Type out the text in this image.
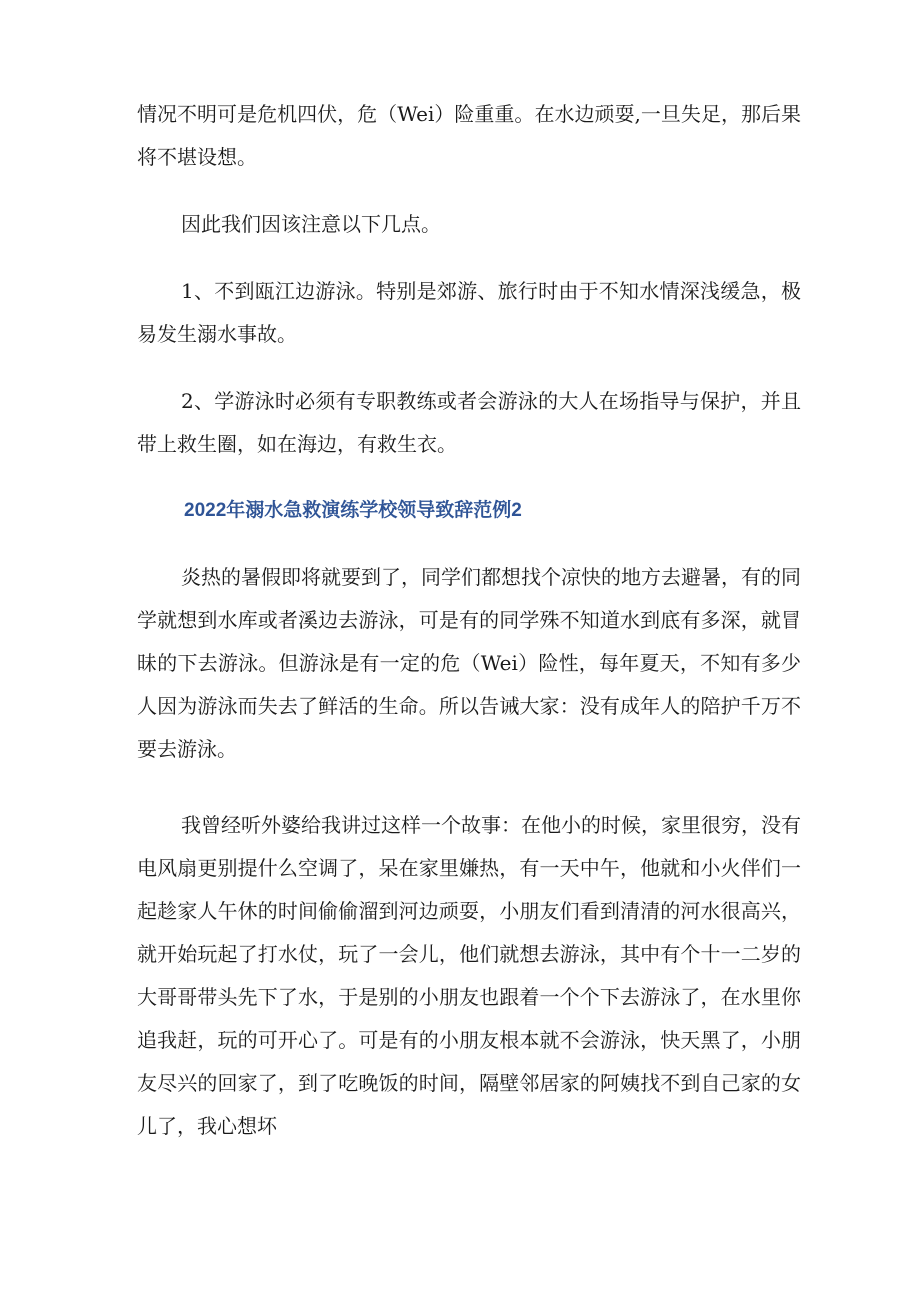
情况不明可是危机四伏，危（Wei）险重重。在水边顽耍,一旦失足，那后果将不堪设想。

因此我们因该注意以下几点。

1、不到瓯江边游泳。特别是郊游、旅行时由于不知水情深浅缓急，极易发生溺水事故。

2、学游泳时必须有专职教练或者会游泳的大人在场指导与保护，并且带上救生圈，如在海边，有救生衣。

2022年溺水急救演练学校领导致辞范例2

炎热的暑假即将就要到了，同学们都想找个凉快的地方去避暑，有的同学就想到水库或者溪边去游泳，可是有的同学殊不知道水到底有多深，就冒昧的下去游泳。但游泳是有一定的危（Wei）险性，每年夏天，不知有多少人因为游泳而失去了鲜活的生命。所以告诫大家：没有成年人的陪护千万不要去游泳。

我曾经听外婆给我讲过这样一个故事：在他小的时候，家里很穷，没有电风扇更别提什么空调了，呆在家里嫌热，有一天中午，他就和小火伴们一起趁家人午休的时间偷偷溜到河边顽耍，小朋友们看到清清的河水很高兴，就开始玩起了打水仗，玩了一会儿，他们就想去游泳，其中有个十一二岁的大哥哥带头先下了水，于是别的小朋友也跟着一个个下去游泳了，在水里你追我赶，玩的可开心了。可是有的小朋友根本就不会游泳，快天黑了，小朋友尽兴的回家了，到了吃晚饭的时间，隔壁邻居家的阿姨找不到自己家的女儿了，我心想坏
